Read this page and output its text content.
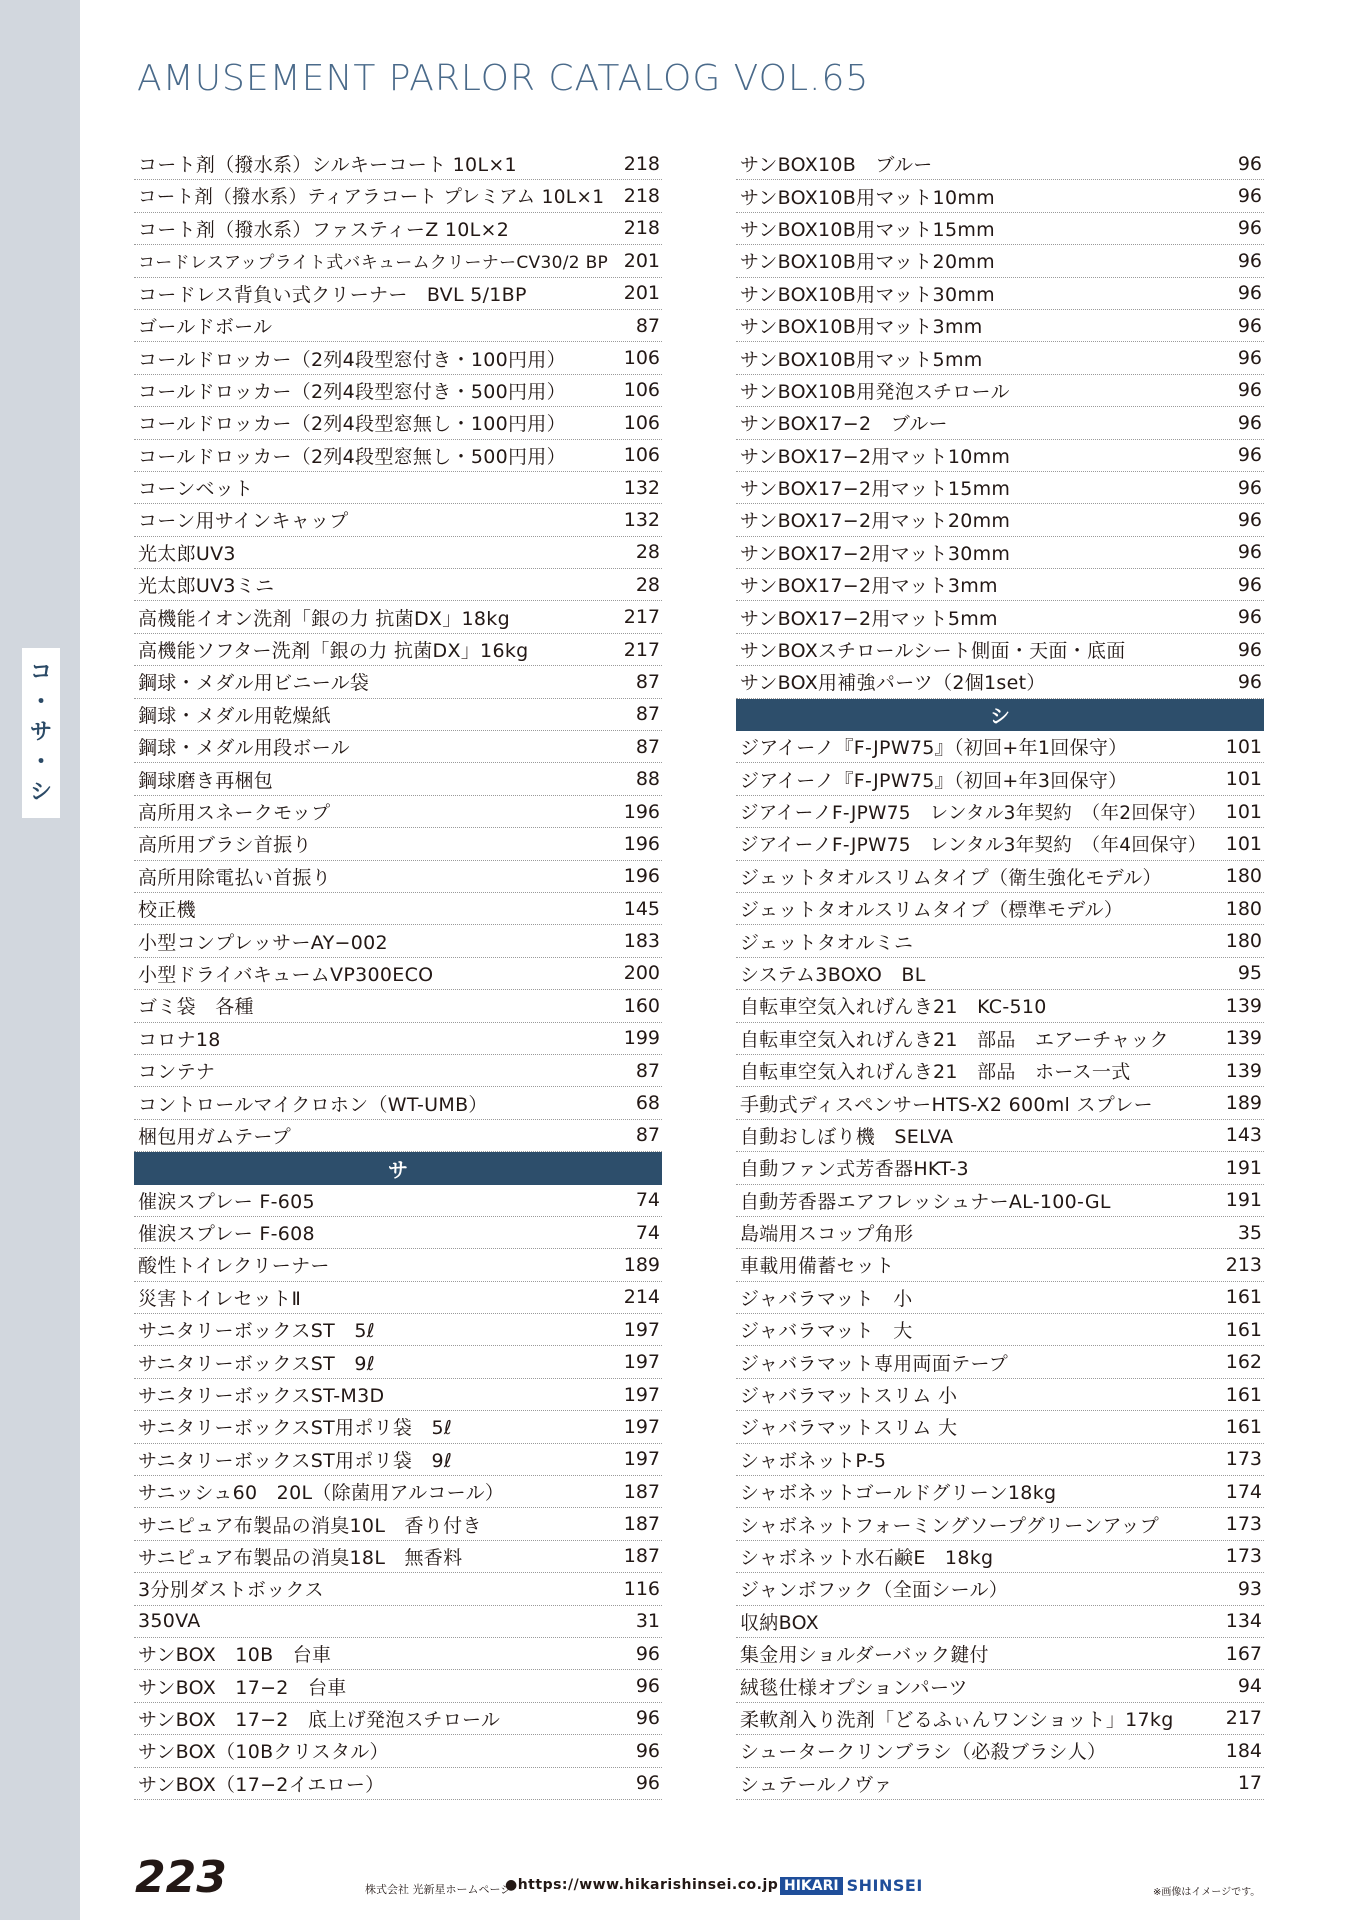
コ
・
サ
・
シ
AMUSEMENT PARLOR CATALOG VOL.65
コート剤（撥水系）シルキーコート 10L×1	218
コート剤（撥水系）ティアラコート プレミアム 10L×1	218
コート剤（撥水系）ファスティーZ 10L×2	218
コードレスアップライト式バキュームクリーナーCV30/2 BP 201
コードレス背負い式クリーナー　BVL 5/1BP	201
ゴールドボール	87
コールドロッカー（2列4段型窓付き・100円用）	106
コールドロッカー（2列4段型窓付き・500円用）	106
コールドロッカー（2列4段型窓無し・100円用）	106
コールドロッカー（2列4段型窓無し・500円用）	106
コーンベット	132
コーン用サインキャップ	132
光太郎UV3	28
光太郎UV3ミニ	28
高機能イオン洗剤「銀の力 抗菌DX」18kg	217
高機能ソフター洗剤「銀の力 抗菌DX」16kg	217
鋼球・メダル用ビニール袋	87
鋼球・メダル用乾燥紙	87
鋼球・メダル用段ボール	87
鋼球磨き再梱包	88
高所用スネークモップ	196
高所用ブラシ首振り	196
高所用除電払い首振り	196
校正機	145
小型コンプレッサーAY−002	183
小型ドライバキュームVP300ECO	200
ゴミ袋　各種	160
コロナ18	199
コンテナ	87
コントロールマイクロホン（WT-UMB）	68
梱包用ガムテープ	87
サ
催涙スプレー F-605	74
催涙スプレー F-608	74
酸性トイレクリーナー	189
災害トイレセットⅡ	214
サニタリーボックスST　5ℓ	197
サニタリーボックスST　9ℓ	197
サニタリーボックスST-M3D	197
サニタリーボックスST用ポリ袋　5ℓ	197
サニタリーボックスST用ポリ袋　9ℓ	197
サニッシュ60　20L（除菌用アルコール）	187
サニピュア布製品の消臭10L　香り付き	187
サニピュア布製品の消臭18L　無香料	187
3分別ダストボックス	116
350VA	31
サンBOX　10B　台車	96
サンBOX　17−2　台車	96
サンBOX　17−2　底上げ発泡スチロール	96
サンBOX（10Bクリスタル）	96
サンBOX（17−2イエロー）	96
サンBOX10B　ブルー	96
サンBOX10B用マット10mm	96
サンBOX10B用マット15mm	96
サンBOX10B用マット20mm	96
サンBOX10B用マット30mm	96
サンBOX10B用マット3mm	96
サンBOX10B用マット5mm	96
サンBOX10B用発泡スチロール	96
サンBOX17−2　ブルー	96
サンBOX17−2用マット10mm	96
サンBOX17−2用マット15mm	96
サンBOX17−2用マット20mm	96
サンBOX17−2用マット30mm	96
サンBOX17−2用マット3mm	96
サンBOX17−2用マット5mm	96
サンBOXスチロールシート側面・天面・底面	96
サンBOX用補強パーツ（2個1set）	96
シ
ジアイーノ『F-JPW75』（初回+年1回保守）	101
ジアイーノ『F-JPW75』（初回+年3回保守）	101
ジアイーノF-JPW75　レンタル3年契約　（年2回保守）	101
ジアイーノF-JPW75　レンタル3年契約　（年4回保守）	101
ジェットタオルスリムタイプ（衛生強化モデル）	180
ジェットタオルスリムタイプ（標準モデル）	180
ジェットタオルミニ	180
システム3BOXO　BL	95
自転車空気入れげんき21　KC-510	139
自転車空気入れげんき21　部品　エアーチャック	139
自転車空気入れげんき21　部品　ホース一式	139
手動式ディスペンサーHTS-X2 600ml スプレー	189
自動おしぼり機　SELVA	143
自動ファン式芳香器HKT-3	191
自動芳香器エアフレッシュナーAL-100-GL	191
島端用スコップ角形	35
車載用備蓄セット	213
ジャバラマット　小	161
ジャバラマット　大	161
ジャバラマット専用両面テープ	162
ジャバラマットスリム 小	161
ジャバラマットスリム 大	161
シャボネットP-5	173
シャボネットゴールドグリーン18kg	174
シャボネットフォーミングソープグリーンアップ	173
シャボネット水石鹸E　18kg	173
ジャンボフック（全面シール）	93
収納BOX	134
集金用ショルダーバック鍵付	167
絨毯仕様オプションパーツ	94
柔軟剤入り洗剤「どるふぃんワンショット」17kg	217
シュータークリンブラシ（必殺ブラシ人）	184
シュテールノヴァ	17
223	株式会社 光新星ホームページ
●https://www.hikarishinsei.co.jp HIKARI SHINSEI	※画像はイメージです。
